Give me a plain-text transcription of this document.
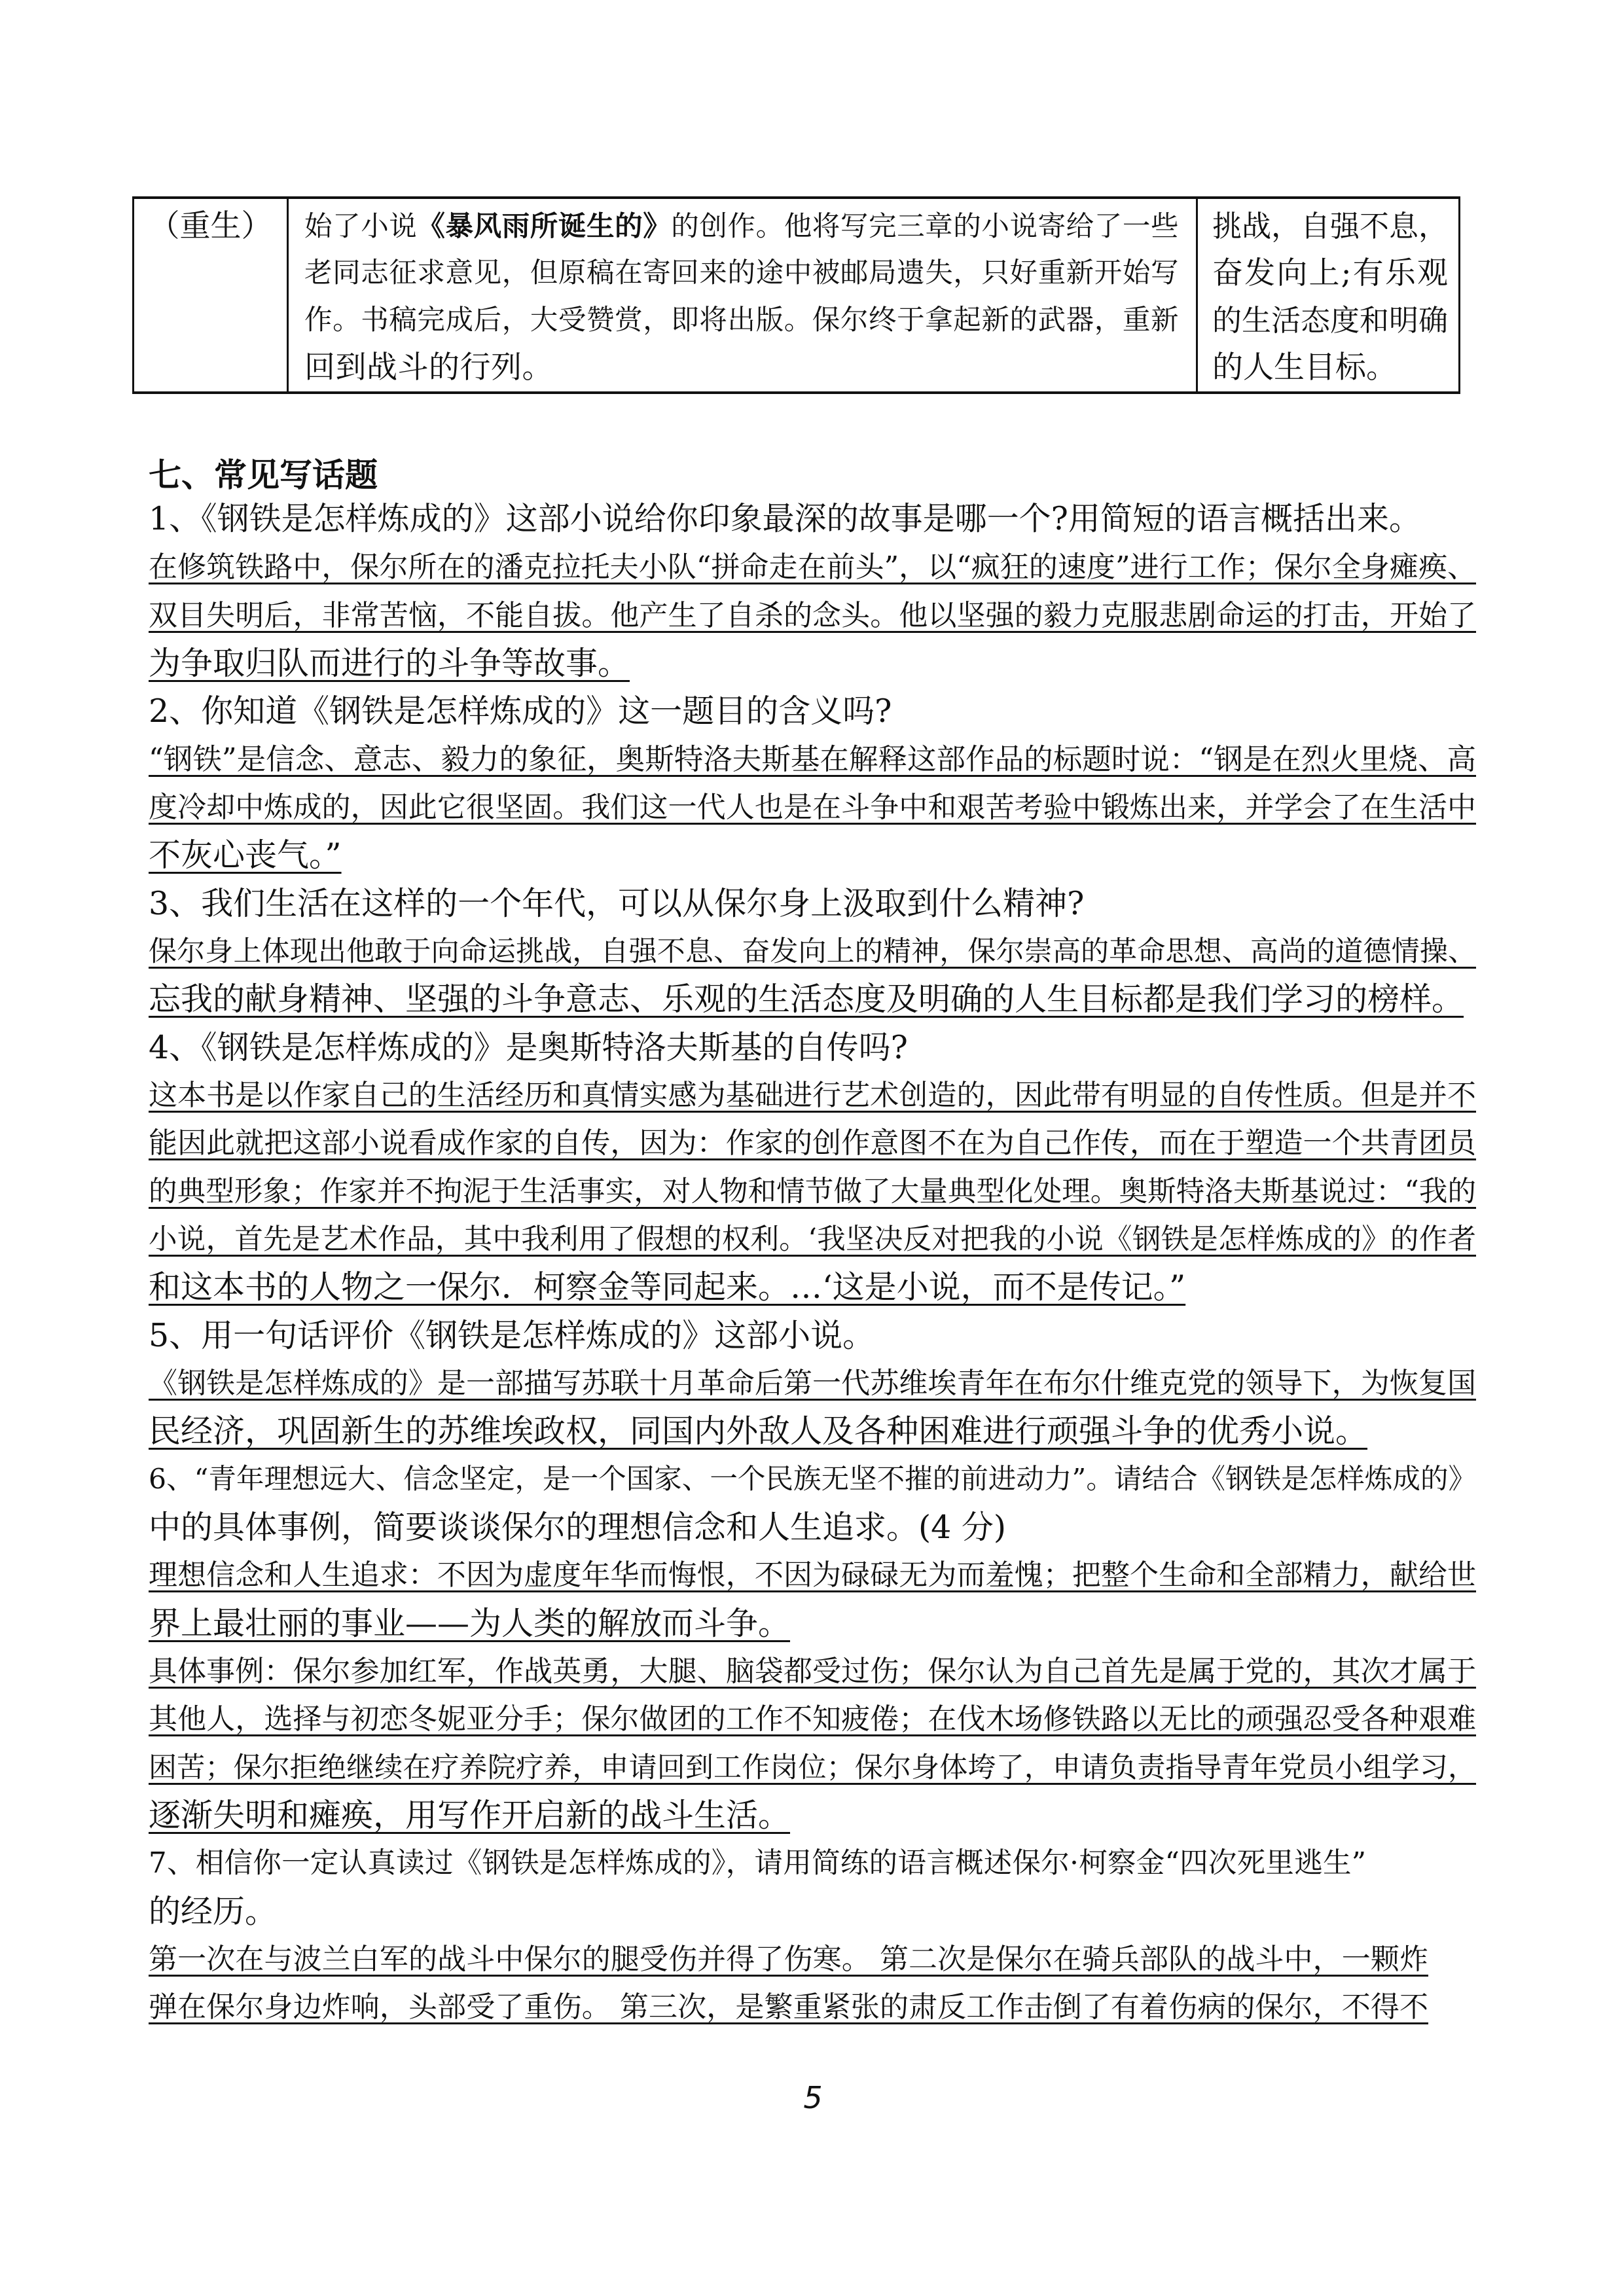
（重生）	始了小说《暴风雨所诞生的》的创作。他将写完三章的小说寄给了一些
老同志征求意见，但原稿在寄回来的途中被邮局遗失，只好重新开始写
作。书稿完成后，大受赞赏，即将出版。保尔终于拿起新的武器，重新
回到战斗的行列。
挑战，自强不息，
奋发向上;有乐观
的生活态度和明确
的人生目标。
七、常见写话题
1、《钢铁是怎样炼成的》这部小说给你印象最深的故事是哪一个?用简短的语言概括出来。
在修筑铁路中，保尔所在的潘克拉托夫小队“拼命走在前头”，以“疯狂的速度”进行工作；保尔全身瘫痪、
双目失明后，非常苦恼，不能自拔。他产生了自杀的念头。他以坚强的毅力克服悲剧命运的打击，开始了
为争取归队而进行的斗争等故事。
2、你知道《钢铁是怎样炼成的》这一题目的含义吗?
“钢铁”是信念、意志、毅力的象征，奥斯特洛夫斯基在解释这部作品的标题时说：“钢是在烈火里烧、高
度冷却中炼成的，因此它很坚固。我们这一代人也是在斗争中和艰苦考验中锻炼出来，并学会了在生活中
不灰心丧气。”
3、我们生活在这样的一个年代，可以从保尔身上汲取到什么精神?
保尔身上体现出他敢于向命运挑战，自强不息、奋发向上的精神，保尔崇高的革命思想、高尚的道德情操、
忘我的献身精神、坚强的斗争意志、乐观的生活态度及明确的人生目标都是我们学习的榜样。
4、《钢铁是怎样炼成的》是奥斯特洛夫斯基的自传吗?
这本书是以作家自己的生活经历和真情实感为基础进行艺术创造的，因此带有明显的自传性质。但是并不
能因此就把这部小说看成作家的自传，因为：作家的创作意图不在为自己作传，而在于塑造一个共青团员
的典型形象；作家并不拘泥于生活事实，对人物和情节做了大量典型化处理。奥斯特洛夫斯基说过：“我的
小说，首先是艺术作品，其中我利用了假想的权利。‘我坚决反对把我的小说《钢铁是怎样炼成的》的作者
和这本书的人物之一保尔．柯察金等同起来。…‘这是小说，而不是传记。”
5、用一句话评价《钢铁是怎样炼成的》这部小说。
《钢铁是怎样炼成的》是一部描写苏联十月革命后第一代苏维埃青年在布尔什维克党的领导下，为恢复国
民经济，巩固新生的苏维埃政权，同国内外敌人及各种困难进行顽强斗争的优秀小说。
6、“青年理想远大、信念坚定，是一个国家、一个民族无坚不摧的前进动力”。请结合《钢铁是怎样炼成的》
中的具体事例，简要谈谈保尔的理想信念和人生追求。(4 分)
理想信念和人生追求：不因为虚度年华而悔恨，不因为碌碌无为而羞愧；把整个生命和全部精力，献给世
界上最壮丽的事业——为人类的解放而斗争。
具体事例：保尔参加红军，作战英勇，大腿、脑袋都受过伤；保尔认为自己首先是属于党的，其次才属于
其他人，选择与初恋冬妮亚分手；保尔做团的工作不知疲倦；在伐木场修铁路以无比的顽强忍受各种艰难
困苦；保尔拒绝继续在疗养院疗养，申请回到工作岗位；保尔身体垮了，申请负责指导青年党员小组学习，
逐渐失明和瘫痪，用写作开启新的战斗生活。
7、相信你一定认真读过《钢铁是怎样炼成的》，请用简练的语言概述保尔·柯察金“四次死里逃生”
的经历。
第一次在与波兰白军的战斗中保尔的腿受伤并得了伤寒。 第二次是保尔在骑兵部队的战斗中，一颗炸
弹在保尔身边炸响，头部受了重伤。 第三次，是繁重紧张的肃反工作击倒了有着伤病的保尔，不得不
5
